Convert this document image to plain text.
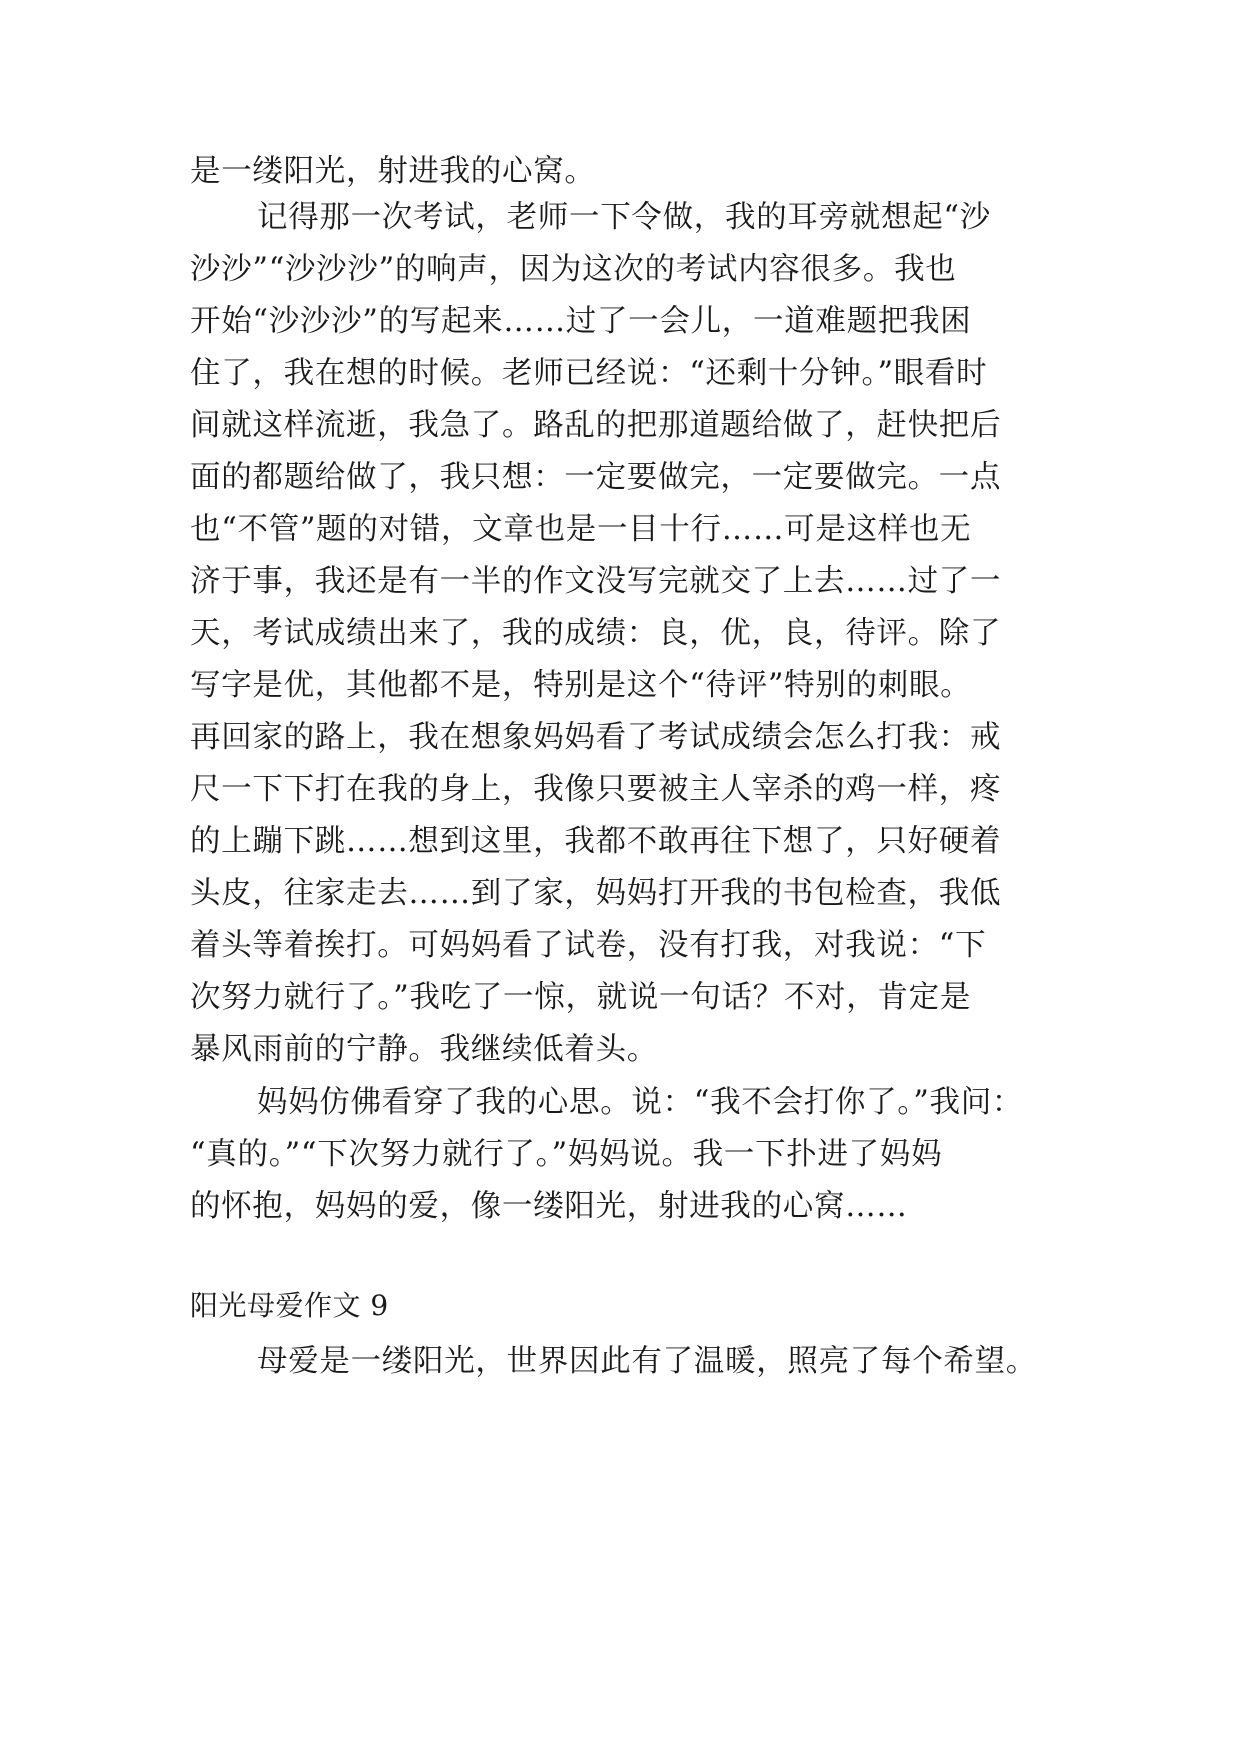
是一缕阳光，射进我的心窝。
记得那一次考试，老师一下令做，我的耳旁就想起“沙
沙沙”“沙沙沙”的响声，因为这次的考试内容很多。我也
开始“沙沙沙”的写起来……过了一会儿，一道难题把我困
住了，我在想的时候。老师已经说：“还剩十分钟。”眼看时
间就这样流逝，我急了。路乱的把那道题给做了，赶快把后
面的都题给做了，我只想：一定要做完，一定要做完。一点
也“不管”题的对错，文章也是一目十行……可是这样也无
济于事，我还是有一半的作文没写完就交了上去……过了一
天，考试成绩出来了，我的成绩：良，优，良，待评。除了
写字是优，其他都不是，特别是这个“待评”特别的刺眼。
再回家的路上，我在想象妈妈看了考试成绩会怎么打我：戒
尺一下下打在我的身上，我像只要被主人宰杀的鸡一样，疼
的上蹦下跳……想到这里，我都不敢再往下想了，只好硬着
头皮，往家走去……到了家，妈妈打开我的书包检查，我低
着头等着挨打。可妈妈看了试卷，没有打我，对我说：“下
次努力就行了。”我吃了一惊，就说一句话？不对，肯定是
暴风雨前的宁静。我继续低着头。
妈妈仿佛看穿了我的心思。说：“我不会打你了。”我问：
“真的。”“下次努力就行了。”妈妈说。我一下扑进了妈妈
的怀抱，妈妈的爱，像一缕阳光，射进我的心窝……
阳光母爱作文 9
母爱是一缕阳光，世界因此有了温暖，照亮了每个希望。
